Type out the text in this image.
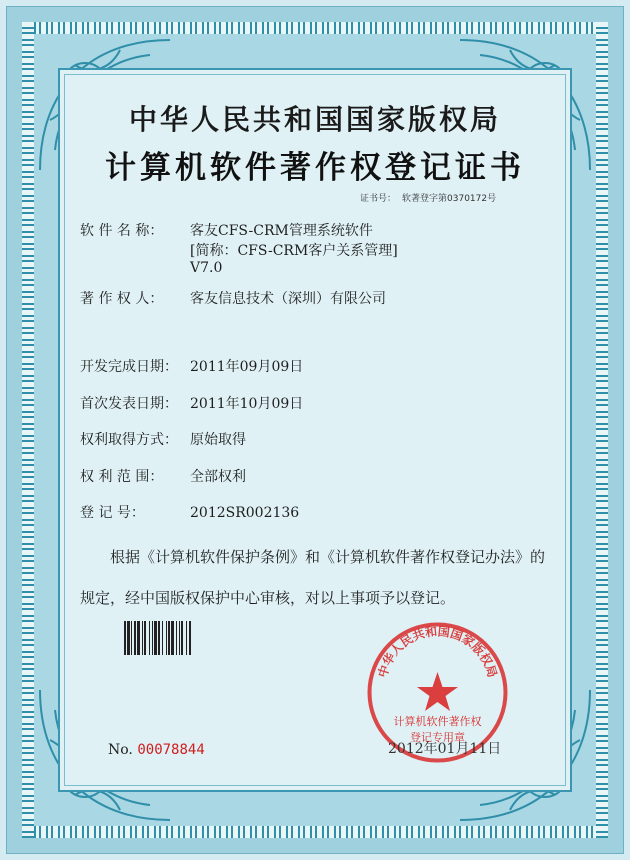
中华人民共和国国家版权局
计算机软件著作权登记证书
证书号： 软著登字第0370172号
软 件 名 称： 客友CFS-CRM管理系统软件
[简称：CFS-CRM客户关系管理]
V7.0
著 作 权 人： 客友信息技术（深圳）有限公司
开发完成日期： 2011年09月09日
首次发表日期： 2011年10月09日
权利取得方式： 原始取得
权 利 范 围： 全部权利
登 记 号：	2012SR002136
根据《计算机软件保护条例》和《计算机软件著作权登记办法》的
规定，经中国版权保护中心审核，对以上事项予以登记。
中华人民共和国国家版权局
计算机软件著作权
登记专用章
No. 00078844	2012年01月11日
